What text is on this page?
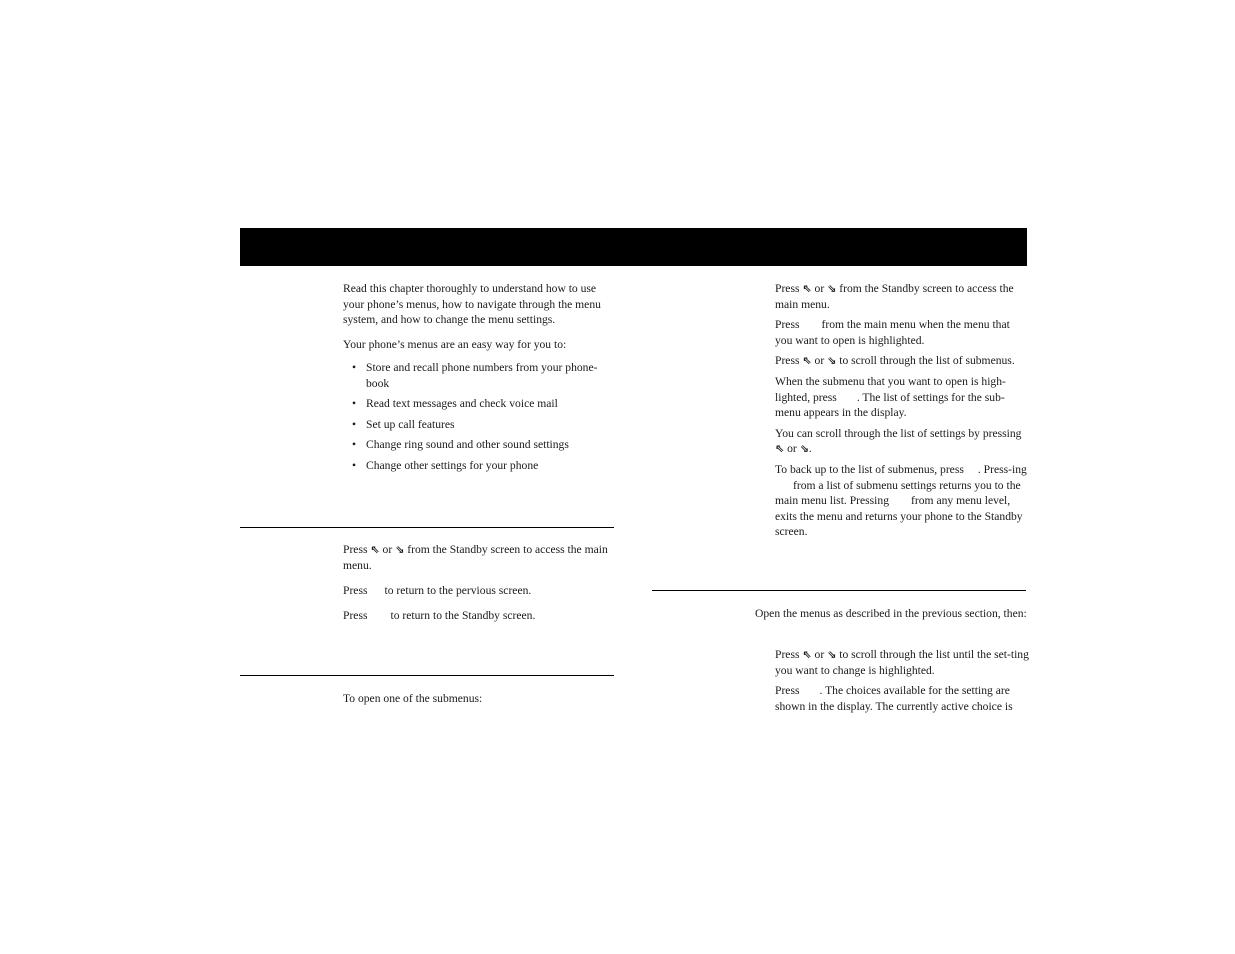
Read this chapter thoroughly to understand how to use your phone’s menus, how to navigate through the menu system, and how to change the menu settings.

Your phone’s menus are an easy way for you to:

• Store and recall phone numbers from your phone-book
• Read text messages and check voice mail
• Set up call features
• Change ring sound and other sound settings
• Change other settings for your phone

Press ⇖ or ⇘ from the Standby screen to access the main menu.

Press to return to the pervious screen.

Press to return to the Standby screen.

To open one of the submenus:

Press ⇖ or ⇘ from the Standby screen to access the main menu.

Press from the main menu when the menu that you want to open is highlighted.

Press ⇖ or ⇘ to scroll through the list of submenus.

When the submenu that you want to open is high-lighted, press . The list of settings for the sub-menu appears in the display.

You can scroll through the list of settings by pressing ⇖ or ⇘.

To back up to the list of submenus, press . Press-ingfrom a list of submenu settings returns you to the main menu list. Pressing from any menu level, exits the menu and returns your phone to the Standby screen.

Open the menus as described in the previous section, then:

Press ⇖ or ⇘ to scroll through the list until the set-ting you want to change is highlighted.

Press . The choices available for the setting are shown in the display. The currently active choice is
